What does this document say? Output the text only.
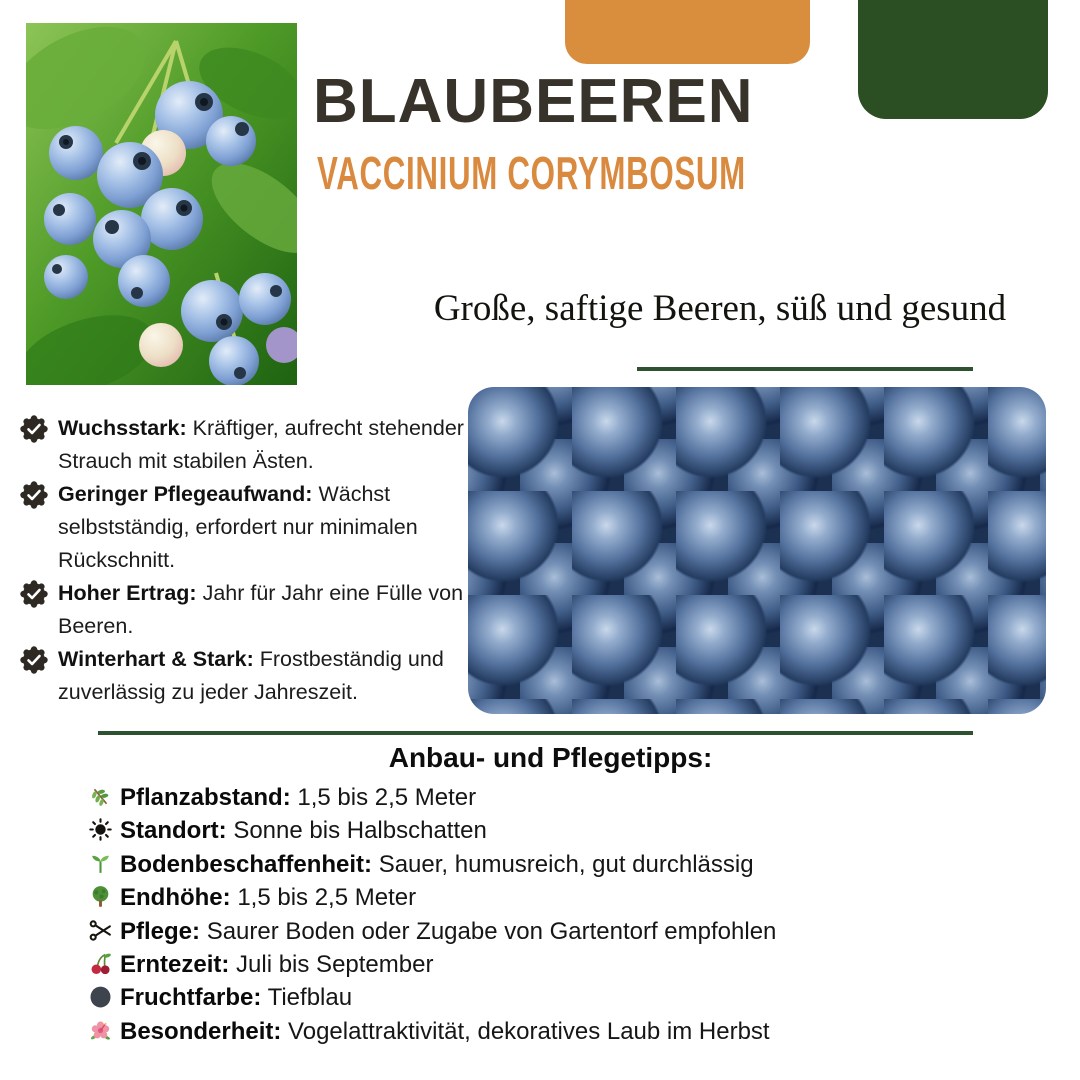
BLAUBEEREN
VACCINIUM CORYMBOSUM
Große, saftige Beeren, süß und gesund
Wuchsstark: Kräftiger, aufrecht stehender Strauch mit stabilen Ästen.
Geringer Pflegeaufwand: Wächst selbstständig, erfordert nur minimalen Rückschnitt.
Hoher Ertrag: Jahr für Jahr eine Fülle von Beeren.
Winterhart & Stark: Frostbeständig und zuverlässig zu jeder Jahreszeit.
Anbau- und Pflegetipps:
Pflanzabstand: 1,5 bis 2,5 Meter
Standort: Sonne bis Halbschatten
Bodenbeschaffenheit: Sauer, humusreich, gut durchlässig
Endhöhe: 1,5 bis 2,5 Meter
Pflege: Saurer Boden oder Zugabe von Gartentorf empfohlen
Erntezeit: Juli bis September
Fruchtfarbe: Tiefblau
Besonderheit: Vogelattraktivität, dekoratives Laub im Herbst
